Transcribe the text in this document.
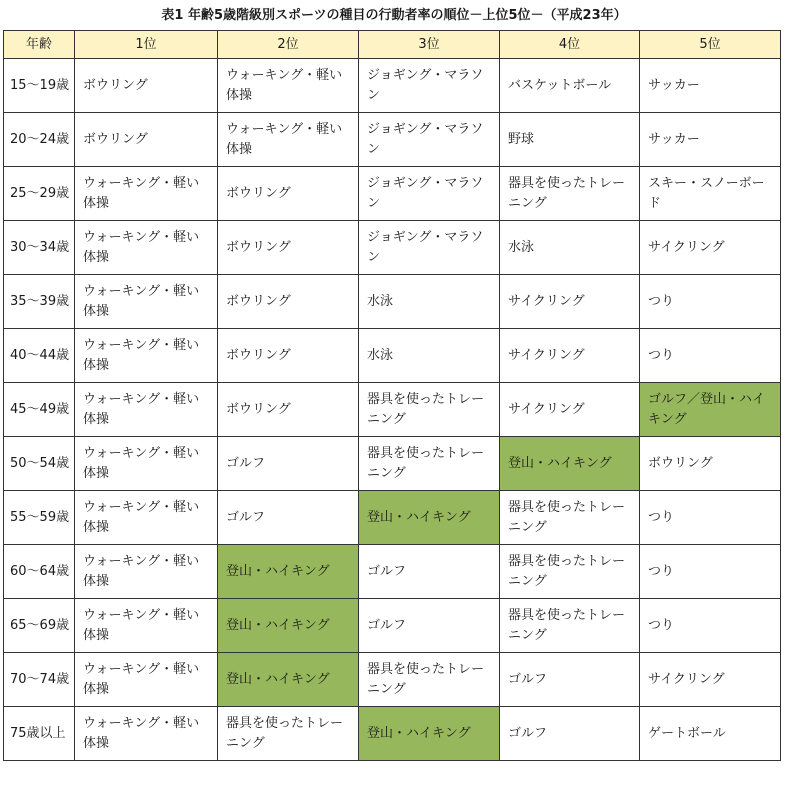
表1 年齢5歳階級別スポーツの種目の行動者率の順位－上位5位－（平成23年）
年齢	1位	2位	3位	4位	5位
15～19歳	ボウリング	ウォーキング・軽い体操	ジョギング・マラソン	バスケットボール	サッカー
20～24歳	ボウリング	ウォーキング・軽い体操	ジョギング・マラソン	野球	サッカー
25～29歳	ウォーキング・軽い体操	ボウリング	ジョギング・マラソン	器具を使ったトレーニング	スキー・スノーボード
30～34歳	ウォーキング・軽い体操	ボウリング	ジョギング・マラソン	水泳	サイクリング
35～39歳	ウォーキング・軽い体操	ボウリング	水泳	サイクリング	つり
40～44歳	ウォーキング・軽い体操	ボウリング	水泳	サイクリング	つり
45～49歳	ウォーキング・軽い体操	ボウリング	器具を使ったトレーニング	サイクリング	ゴルフ／登山・ハイキング
50～54歳	ウォーキング・軽い体操	ゴルフ	器具を使ったトレーニング	登山・ハイキング	ボウリング
55～59歳	ウォーキング・軽い体操	ゴルフ	登山・ハイキング	器具を使ったトレーニング	つり
60～64歳	ウォーキング・軽い体操	登山・ハイキング	ゴルフ	器具を使ったトレーニング	つり
65～69歳	ウォーキング・軽い体操	登山・ハイキング	ゴルフ	器具を使ったトレーニング	つり
70～74歳	ウォーキング・軽い体操	登山・ハイキング	器具を使ったトレーニング	ゴルフ	サイクリング
75歳以上	ウォーキング・軽い体操	器具を使ったトレーニング	登山・ハイキング	ゴルフ	ゲートボール
